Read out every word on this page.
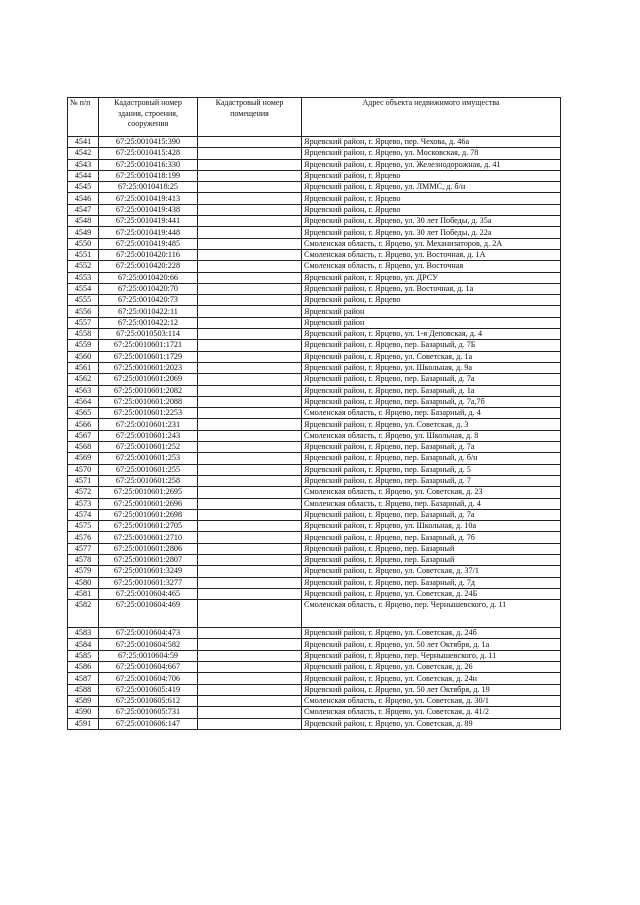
№ п/п	Кадастровый номер здания, строения, сооружения	Кадастровый номер помещения	Адрес объекта недвижимого имущества
4541	67:25:0010415:390		Ярцевский район, г. Ярцево, пер. Чехова, д. 46а
4542	67:25:0010415:428		Ярцевский район, г. Ярцево, ул. Московская, д. 78
4543	67:25:0010416:330		Ярцевский район, г. Ярцево, ул. Железнодорожная, д. 41
4544	67:25:0010418:199		Ярцевский район, г. Ярцево
4545	67:25:0010418:25		Ярцевский район, г. Ярцево, ул. ЛММС, д. б/н
4546	67:25:0010419:413		Ярцевский район, г. Ярцево
4547	67:25:0010419:438		Ярцевский район, г. Ярцево
4548	67:25:0010419:441		Ярцевский район, г. Ярцево, ул. 30 лет Победы, д. 35а
4549	67:25:0010419:448		Ярцевский район, г. Ярцево, ул. 30 лет Победы, д. 22а
4550	67:25:0010419:485		Смоленская область, г. Ярцево, ул. Механизаторов, д. 2А
4551	67:25:0010420:116		Смоленская область, г. Ярцево, ул. Восточная, д. 1А
4552	67:25:0010420:228		Смоленская область, г. Ярцево, ул. Восточная
4553	67:25:0010420:66		Ярцевский район, г. Ярцево, ул. ДРСУ
4554	67:25:0010420:70		Ярцевский район, г. Ярцево, ул. Восточная, д. 1а
4555	67:25:0010420:73		Ярцевский район, г. Ярцево
4556	67:25:0010422:11		Ярцевский район
4557	67:25:0010422:12		Ярцевский район
4558	67:25:0010503:114		Ярцевский район, г. Ярцево, ул. 1-я Деповская, д. 4
4559	67:25:0010601:1721		Ярцевский район, г. Ярцево, пер. Базарный, д. 7Б
4560	67:25:0010601:1729		Ярцевский район, г. Ярцево, ул. Советская, д. 1а
4561	67:25:0010601:2023		Ярцевский район, г. Ярцево, ул. Школьная, д. 9а
4562	67:25:0010601:2069		Ярцевский район, г. Ярцево, пер. Базарный, д. 7а
4563	67:25:0010601:2082		Ярцевский район, г. Ярцево, пер. Базарный, д. 1а
4564	67:25:0010601:2088		Ярцевский район, г. Ярцево, пер. Базарный, д. 7а,7б
4565	67:25:0010601:2253		Смоленская область, г. Ярцево, пер. Базарный, д. 4
4566	67:25:0010601:231		Ярцевский район, г. Ярцево, ул. Советская, д. 3
4567	67:25:0010601:243		Смоленская область, г. Ярцево, ул. Школьная, д. 8
4568	67:25:0010601:252		Ярцевский район, г. Ярцево, пер. Базарный, д. 7а
4569	67:25:0010601:253		Ярцевский район, г. Ярцево, пер. Базарный, д. б/н
4570	67:25:0010601:255		Ярцевский район, г. Ярцево, пер. Базарный, д. 5
4571	67:25:0010601:258		Ярцевский район, г. Ярцево, пер. Базарный, д. 7
4572	67:25:0010601:2695		Смоленская область, г. Ярцево, ул. Советская, д. 23
4573	67:25:0010601:2696		Смоленская область, г. Ярцево, пер. Базарный, д. 4
4574	67:25:0010601:2698		Ярцевский район, г. Ярцево, пер. Базарный, д. 7а
4575	67:25:0010601:2705		Ярцевский район, г. Ярцево, ул. Школьная, д. 10а
4576	67:25:0010601:2710		Ярцевский район, г. Ярцево, пер. Базарный, д. 7б
4577	67:25:0010601:2806		Ярцевский район, г. Ярцево, пер. Базарный
4578	67:25:0010601:2807		Ярцевский район, г. Ярцево, пер. Базарный
4579	67:25:0010601:3249		Ярцевский район, г. Ярцево, ул. Советская, д. 37/1
4580	67:25:0010601:3277		Ярцевский район, г. Ярцево, пер. Базарный, д. 7д
4581	67:25:0010604:465		Ярцевский район, г. Ярцево, ул. Советская, д. 24Б
4582	67:25:0010604:469		Смоленская область, г. Ярцево, пер. Чернышевского, д. 11
4583	67:25:0010604:473		Ярцевский район, г. Ярцево, ул. Советская, д. 24б
4584	67:25:0010604:582		Ярцевский район, г. Ярцево, ул. 50 лет Октября, д. 1а
4585	67:25:0010604:59		Ярцевский район, г. Ярцево, пер. Чернышевского, д. 11
4586	67:25:0010604:667		Ярцевский район, г. Ярцево, ул. Советская, д. 26
4587	67:25:0010604:706		Ярцевский район, г. Ярцево, ул. Советская, д. 24н
4588	67:25:0010605:419		Ярцевский район, г. Ярцево, ул. 50 лет Октября, д. 19
4589	67:25:0010605:612		Смоленская область, г. Ярцево, ул. Советская, д. 30/1
4590	67:25:0010605:731		Смоленская область, г. Ярцево, ул. Советская, д. 41/2
4591	67:25:0010606:147		Ярцевский район, г. Ярцево, ул. Советская, д. 89
